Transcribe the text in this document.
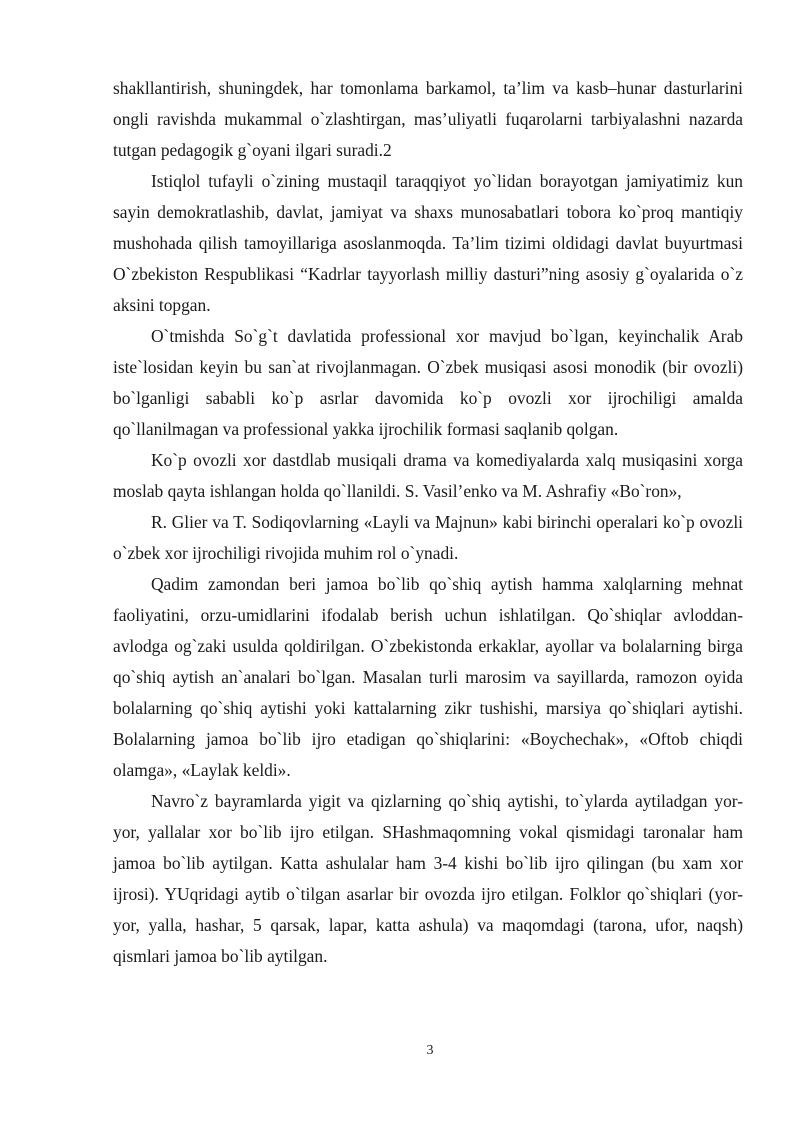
shakllantirish, shuningdek, har tomonlama barkamol, ta’lim va kasb–hunar dasturlarini ongli ravishda mukammal o`zlashtirgan, mas’uliyatli fuqarolarni tarbiyalashni nazarda tutgan pedagogik g`oyani ilgari suradi.2

Istiqlol tufayli o`zining mustaqil taraqqiyot yo`lidan borayotgan jamiyatimiz kun sayin demokratlashib, davlat, jamiyat va shaxs munosabatlari tobora ko`proq mantiqiy mushohada qilish tamoyillariga asoslanmoqda. Ta’lim tizimi oldidagi davlat buyurtmasi O`zbekiston Respublikasi “Kadrlar tayyorlash milliy dasturi”ning asosiy g`oyalarida o`z aksini topgan.

O`tmishda So`g`t davlatida professional xor mavjud bo`lgan, keyinchalik Arab iste`losidan keyin bu san`at rivojlanmagan. O`zbek musiqasi asosi monodik (bir ovozli) bo`lganligi sababli ko`p asrlar davomida ko`p ovozli xor ijrochiligi amalda qo`llanilmagan va professional yakka ijrochilik formasi saqlanib qolgan.

Ko`p ovozli xor dastdlab musiqali drama va komediyalarda xalq musiqasini xorga moslab qayta ishlangan holda qo`llanildi. S. Vasil’enko va M. Ashrafiy «Bo`ron»,

R. Glier va T. Sodiqovlarning «Layli va Majnun» kabi birinchi operalari ko`p ovozli o`zbek xor ijrochiligi rivojida muhim rol o`ynadi.

Qadim zamondan beri jamoa bo`lib qo`shiq aytish hamma xalqlarning mehnat faoliyatini, orzu-umidlarini ifodalab berish uchun ishlatilgan. Qo`shiqlar avloddan-avlodga og`zaki usulda qoldirilgan. O`zbekistonda erkaklar, ayollar va bolalarning birga qo`shiq aytish an`analari bo`lgan. Masalan turli marosim va sayillarda, ramozon oyida bolalarning qo`shiq aytishi yoki kattalarning zikr tushishi, marsiya qo`shiqlari aytishi. Bolalarning jamoa bo`lib ijro etadigan qo`shiqlarini: «Boychechak», «Oftob chiqdi olamga», «Laylak keldi».

Navro`z bayramlarda yigit va qizlarning qo`shiq aytishi, to`ylarda aytiladgan yor-yor, yallalar xor bo`lib ijro etilgan. SHashmaqomning vokal qismidagi taronalar ham jamoa bo`lib aytilgan. Katta ashulalar ham 3-4 kishi bo`lib ijro qilingan (bu xam xor ijrosi). YUqridagi aytib o`tilgan asarlar bir ovozda ijro etilgan. Folklor qo`shiqlari (yor-yor, yalla, hashar, 5 qarsak, lapar, katta ashula) va maqomdagi (tarona, ufor, naqsh) qismlari jamoa bo`lib aytilgan.

3
